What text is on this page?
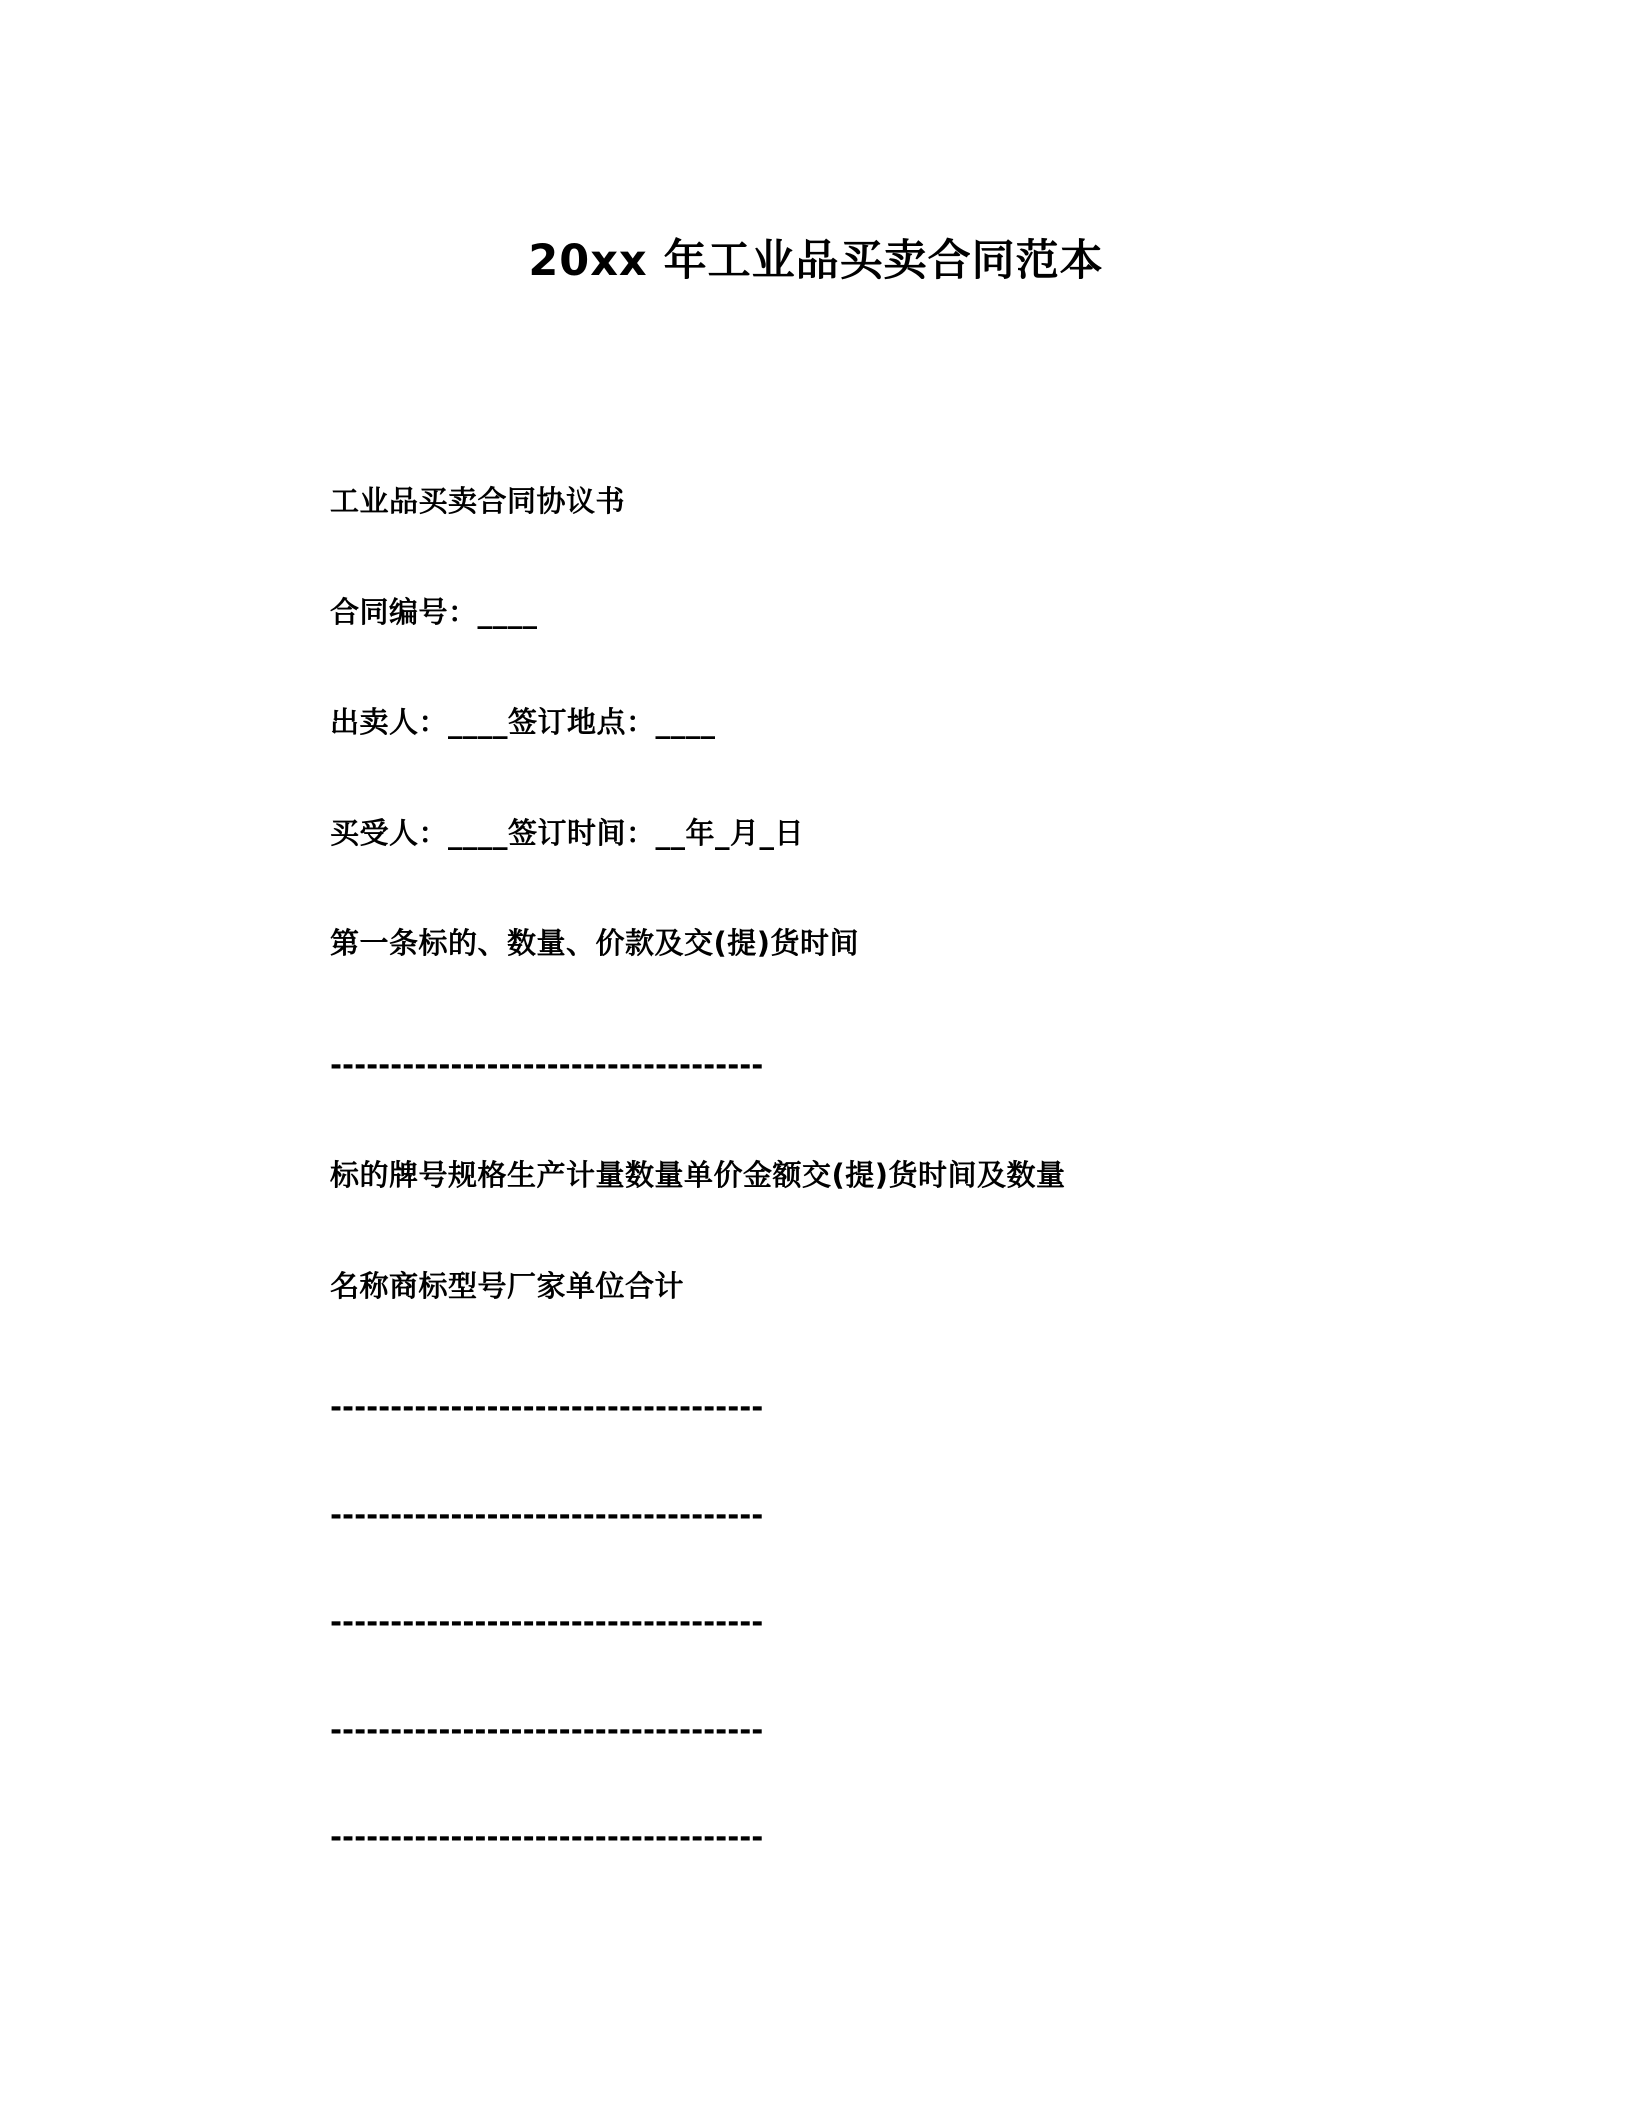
20xx 年工业品买卖合同范本

工业品买卖合同协议书

合同编号：____

出卖人：____签订地点：____

买受人：____签订时间：__年_月_日

第一条标的、数量、价款及交(提)货时间

------------------------------------

标的牌号规格生产计量数量单价金额交(提)货时间及数量

名称商标型号厂家单位合计

------------------------------------

------------------------------------

------------------------------------

------------------------------------

------------------------------------
